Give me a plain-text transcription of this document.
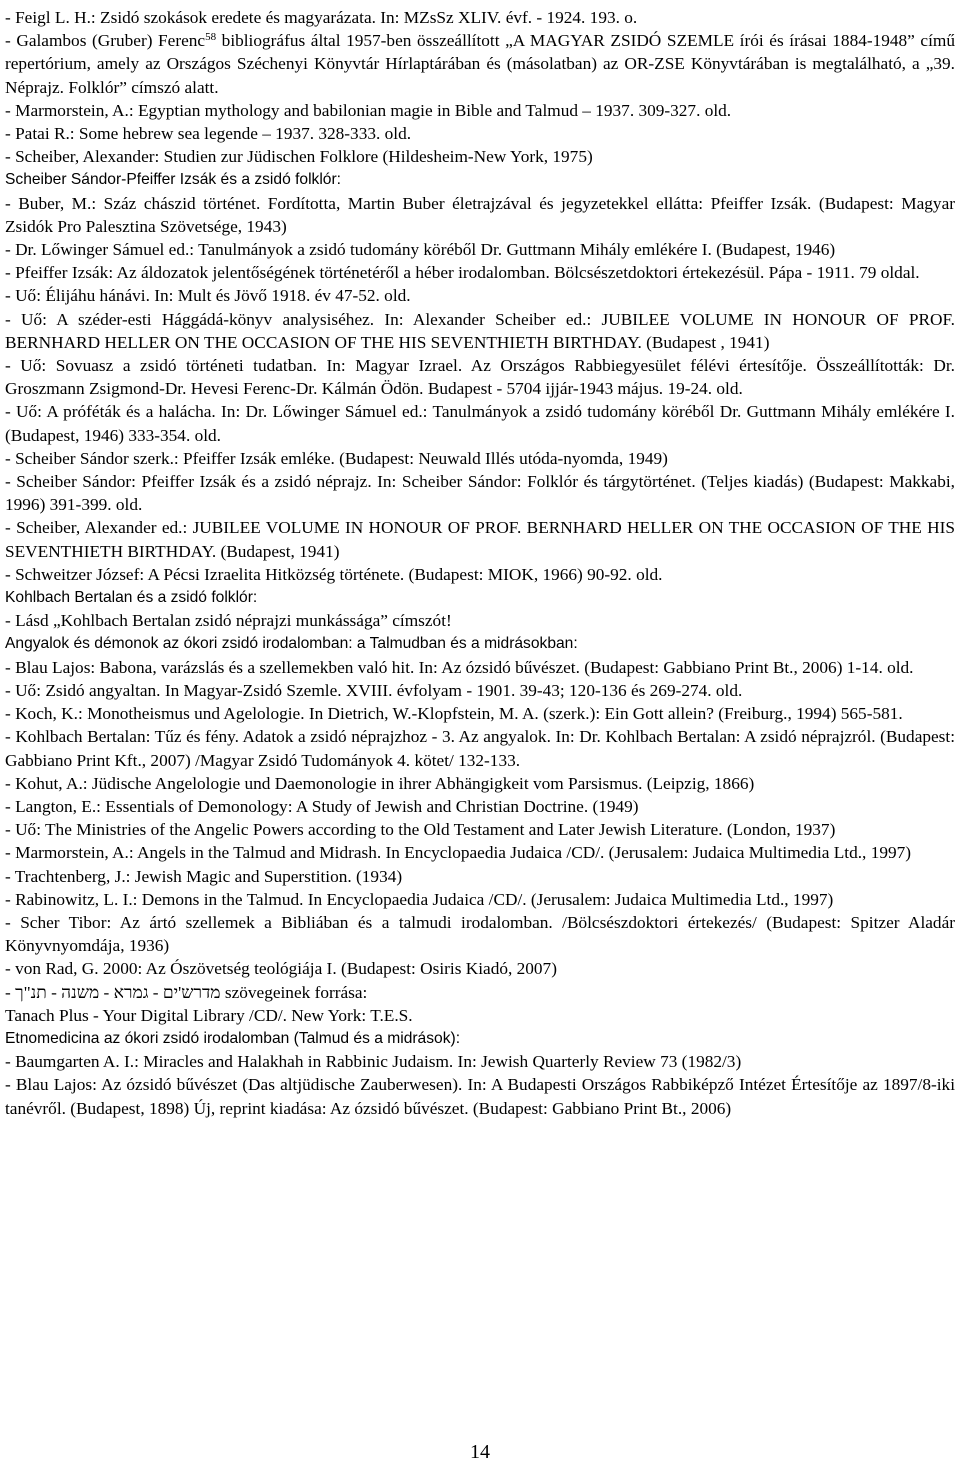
- Feigl L. H.: Zsidó szokások eredete és magyarázata. In: MZsSz XLIV. évf. - 1924. 193. o.

- Galambos (Gruber) Ferenc$^{58}$ bibliográfus által 1957-ben összeállított „A MAGYAR ZSIDÓ SZEMLE írói és írásai 1884-1948” című repertórium, amely az Országos Széchenyi Könyvtár Hírlaptárában és (másolatban) az OR-ZSE Könyvtárában is megtalálható, a „39. Néprajz. Folklór” címszó alatt.

- Marmorstein, A.: Egyptian mythology and babilonian magie in Bible and Talmud – 1937. 309-327. old.

- Patai R.: Some hebrew sea legende – 1937. 328-333. old.

- Scheiber, Alexander: Studien zur Jüdischen Folklore (Hildesheim-New York, 1975)

Scheiber Sándor-Pfeiffer Izsák és a zsidó folklór:

- Buber, M.: Száz chászid történet. Fordította, Martin Buber életrajzával és jegyzetekkel ellátta: Pfeiffer Izsák. (Budapest: Magyar Zsidók Pro Palesztina Szövetsége, 1943)

- Dr. Lőwinger Sámuel ed.: Tanulmányok a zsidó tudomány köréből Dr. Guttmann Mihály emlékére I. (Budapest, 1946)

- Pfeiffer Izsák: Az áldozatok jelentőségének történetéről a héber irodalomban. Bölcsészetdoktori értekezésül. Pápa - 1911. 79 oldal.

- Uő: Élijáhu hánávi. In: Mult és Jövő 1918. év 47-52. old.

- Uő: A széder-esti Hággádá-könyv analysiséhez. In: Alexander Scheiber ed.: JUBILEE VOLUME IN HONOUR OF PROF. BERNHARD HELLER ON THE OCCASION OF THE HIS SEVENTHIETH BIRTHDAY. (Budapest , 1941)

- Uő: Sovuasz a zsidó történeti tudatban. In: Magyar Izrael. Az Országos Rabbiegyesület félévi értesítője. Összeállították: Dr. Groszmann Zsigmond-Dr. Hevesi Ferenc-Dr. Kálmán Ödön. Budapest - 5704 ijjár-1943 május. 19-24. old.

- Uő: A próféták és a halácha. In: Dr. Lőwinger Sámuel ed.: Tanulmányok a zsidó tudomány köréből Dr. Guttmann Mihály emlékére I. (Budapest, 1946) 333-354. old.

- Scheiber Sándor szerk.: Pfeiffer Izsák emléke. (Budapest: Neuwald Illés utóda-nyomda, 1949)

- Scheiber Sándor: Pfeiffer Izsák és a zsidó néprajz. In: Scheiber Sándor: Folklór és tárgytörténet. (Teljes kiadás) (Budapest: Makkabi, 1996) 391-399. old.

- Scheiber, Alexander ed.: JUBILEE VOLUME IN HONOUR OF PROF. BERNHARD HELLER ON THE OCCASION OF THE HIS SEVENTHIETH BIRTHDAY. (Budapest, 1941)

- Schweitzer József: A Pécsi Izraelita Hitközség története. (Budapest: MIOK, 1966) 90-92. old.

Kohlbach Bertalan és a zsidó folklór:

- Lásd „Kohlbach Bertalan zsidó néprajzi munkássága” címszót!

Angyalok és démonok az ókori zsidó irodalomban: a Talmudban és a midrásokban:

- Blau Lajos: Babona, varázslás és a szellemekben való hit. In: Az ózsidó bűvészet. (Budapest: Gabbiano Print Bt., 2006) 1-14. old.

- Uő: Zsidó angyaltan. In Magyar-Zsidó Szemle. XVIII. évfolyam - 1901. 39-43; 120-136 és 269-274. old.

- Koch, K.: Monotheismus und Agelologie. In Dietrich, W.-Klopfstein, M. A. (szerk.): Ein Gott allein? (Freiburg., 1994) 565-581.

- Kohlbach Bertalan: Tűz és fény. Adatok a zsidó néprajzhoz - 3. Az angyalok. In: Dr. Kohlbach Bertalan: A zsidó néprajzról. (Budapest: Gabbiano Print Kft., 2007) /Magyar Zsidó Tudományok 4. kötet/ 132-133.

- Kohut, A.: Jüdische Angelologie und Daemonologie in ihrer Abhängigkeit vom Parsismus. (Leipzig, 1866)

- Langton, E.: Essentials of Demonology: A Study of Jewish and Christian Doctrine. (1949)

- Uő: The Ministries of the Angelic Powers according to the Old Testament and Later Jewish Literature. (London, 1937)

- Marmorstein, A.: Angels in the Talmud and Midrash. In Encyclopaedia Judaica /CD/. (Jerusalem: Judaica Multimedia Ltd., 1997)

- Trachtenberg, J.: Jewish Magic and Superstition. (1934)

- Rabinowitz, L. I.: Demons in the Talmud. In Encyclopaedia Judaica /CD/. (Jerusalem: Judaica Multimedia Ltd., 1997)

- Scher Tibor: Az ártó szellemek a Bibliában és a talmudi irodalomban. /Bölcsészdoktori értekezés/ (Budapest: Spitzer Aladár Könyvnyomdája, 1936)

- von Rad, G. 2000: Az Ószövetség teológiája I. (Budapest: Osiris Kiadó, 2007)

- מדרש'ים - גמרא - משנה - תנ"ך szövegeinek forrása:

Tanach Plus - Your Digital Library /CD/. New York: T.E.S.

Etnomedicina az ókori zsidó irodalomban (Talmud és a midrások):

- Baumgarten A. I.: Miracles and Halakhah in Rabbinic Judaism. In: Jewish Quarterly Review 73 (1982/3)

- Blau Lajos: Az ózsidó bűvészet (Das altjüdische Zauberwesen). In: A Budapesti Országos Rabbiképző Intézet Értesítője az 1897/8-iki tanévről. (Budapest, 1898) Új, reprint kiadása: Az ózsidó bűvészet. (Budapest: Gabbiano Print Bt., 2006)

14
